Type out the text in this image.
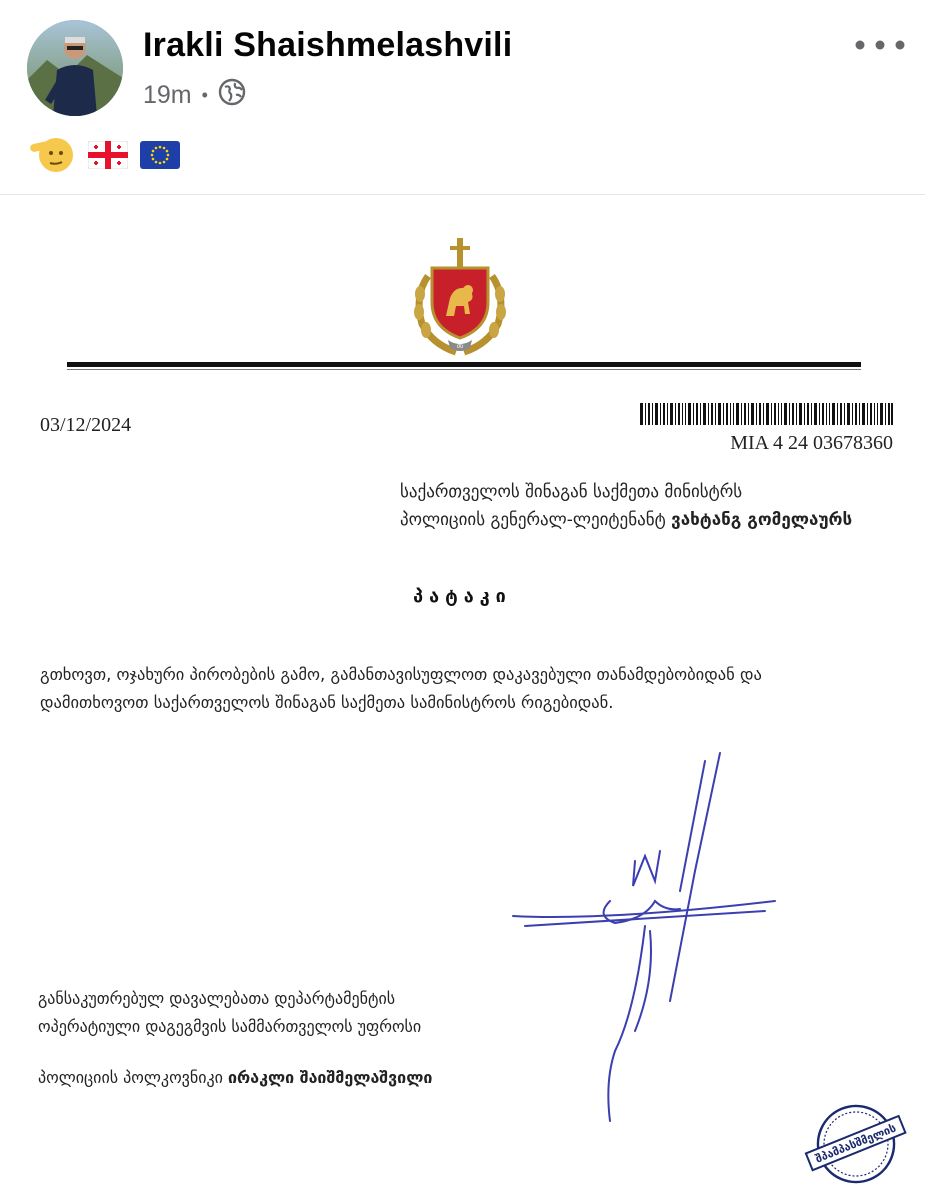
Irakli Shaishmelashvili
19m •
შს
03/12/2024
MIA 4 24 03678360
საქართველოს შინაგან საქმეთა მინისტრს
პოლიციის გენერალ-ლეიტენანტ ვახტანგ გომელაურს
პატაკი
გთხოვთ, ოჯახური პირობების გამო, გამანთავისუფლოთ დაკავებული თანამდებობიდან და
დამითხოვოთ საქართველოს შინაგან საქმეთა სამინისტროს რიგებიდან.
განსაკუთრებულ დავალებათა დეპარტამენტის
ოპერატიული დაგეგმვის სამმართველოს უფროსი
პოლიციის პოლკოვნიკი ირაკლი შაიშმელაშვილი
შპამპასშმელის
